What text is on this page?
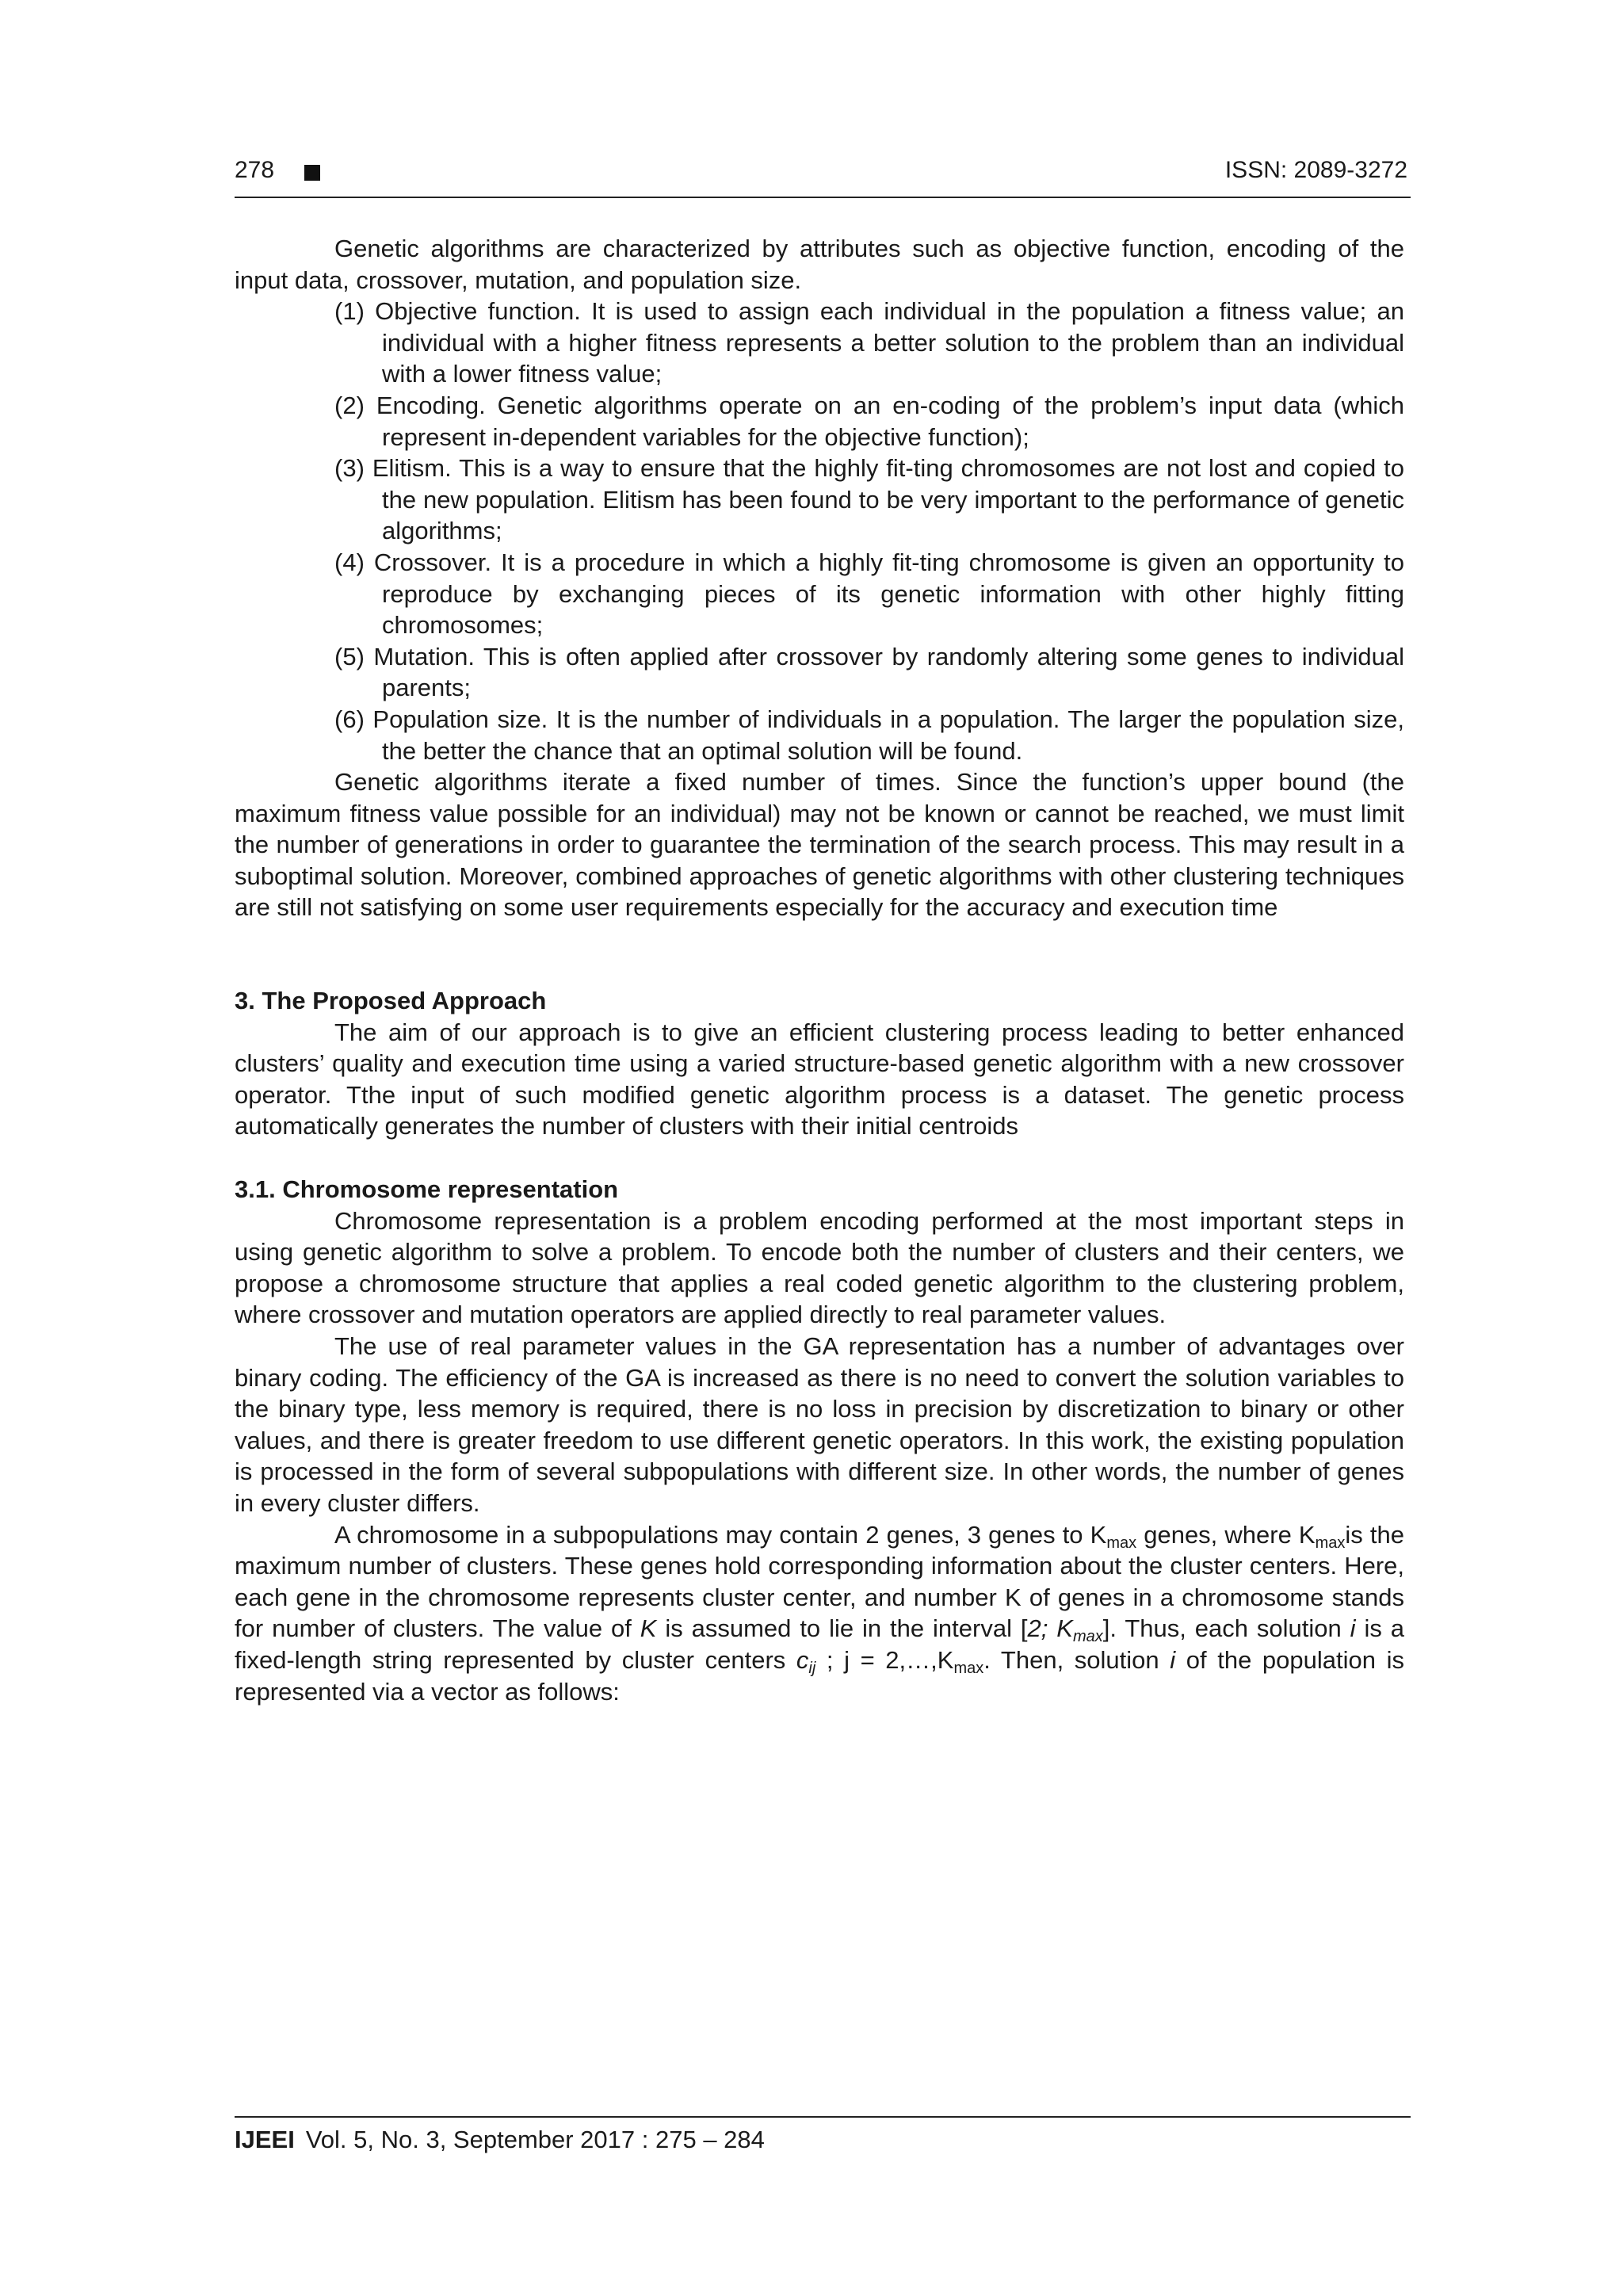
278	ISSN: 2089-3272

Genetic algorithms are characterized by attributes such as objective function, encoding of the input data, crossover, mutation, and population size.

(1) Objective function. It is used to assign each individual in the population a fitness value; an individual with a higher fitness represents a better solution to the problem than an individual with a lower fitness value;

(2) Encoding. Genetic algorithms operate on an en-coding of the problem’s input data (which represent in-dependent variables for the objective function);

(3) Elitism. This is a way to ensure that the highly fit-ting chromosomes are not lost and copied to the new population. Elitism has been found to be very important to the performance of genetic algorithms;

(4) Crossover. It is a procedure in which a highly fit-ting chromosome is given an opportunity to reproduce by exchanging pieces of its genetic information with other highly fitting chromosomes;

(5) Mutation. This is often applied after crossover by randomly altering some genes to individual parents;

(6) Population size. It is the number of individuals in a population. The larger the population size, the better the chance that an optimal solution will be found.

Genetic algorithms iterate a fixed number of times. Since the function’s upper bound (the maximum fitness value possible for an individual) may not be known or cannot be reached, we must limit the number of generations in order to guarantee the termination of the search process. This may result in a suboptimal solution. Moreover, combined approaches of genetic algorithms with other clustering techniques are still not satisfying on some user requirements especially for the accuracy and execution time

3. The Proposed Approach

The aim of our approach is to give an efficient clustering process leading to better enhanced clusters’ quality and execution time using a varied structure-based genetic algorithm with a new crossover operator. Tthe input of such modified genetic algorithm process is a dataset. The genetic process automatically generates the number of clusters with their initial centroids

3.1. Chromosome representation

Chromosome representation is a problem encoding performed at the most important steps in using genetic algorithm to solve a problem. To encode both the number of clusters and their centers, we propose a chromosome structure that applies a real coded genetic algorithm to the clustering problem, where crossover and mutation operators are applied directly to real parameter values.

The use of real parameter values in the GA representation has a number of advantages over binary coding. The efficiency of the GA is increased as there is no need to convert the solution variables to the binary type, less memory is required, there is no loss in precision by discretization to binary or other values, and there is greater freedom to use different genetic operators. In this work, the existing population is processed in the form of several subpopulations with different size. In other words, the number of genes in every cluster differs.

A chromosome in a subpopulations may contain 2 genes, 3 genes to $K_{max}$ genes, where $K_{max}is$ the maximum number of clusters. These genes hold corresponding information about the cluster centers. Here, each gene in the chromosome represents cluster center, and number K of genes in a chromosome stands for number of clusters. The value of K is assumed to lie in the interval [2; $K_{max}$]. Thus, each solution i is a fixed-length string represented by cluster centers $c_{ij}$ ; $j = 2,\dots,K_{max}$. Then, solution i of the population is represented via a vector as follows:

IJEEI Vol. 5, No. 3, September 2017 : 275 – 284
